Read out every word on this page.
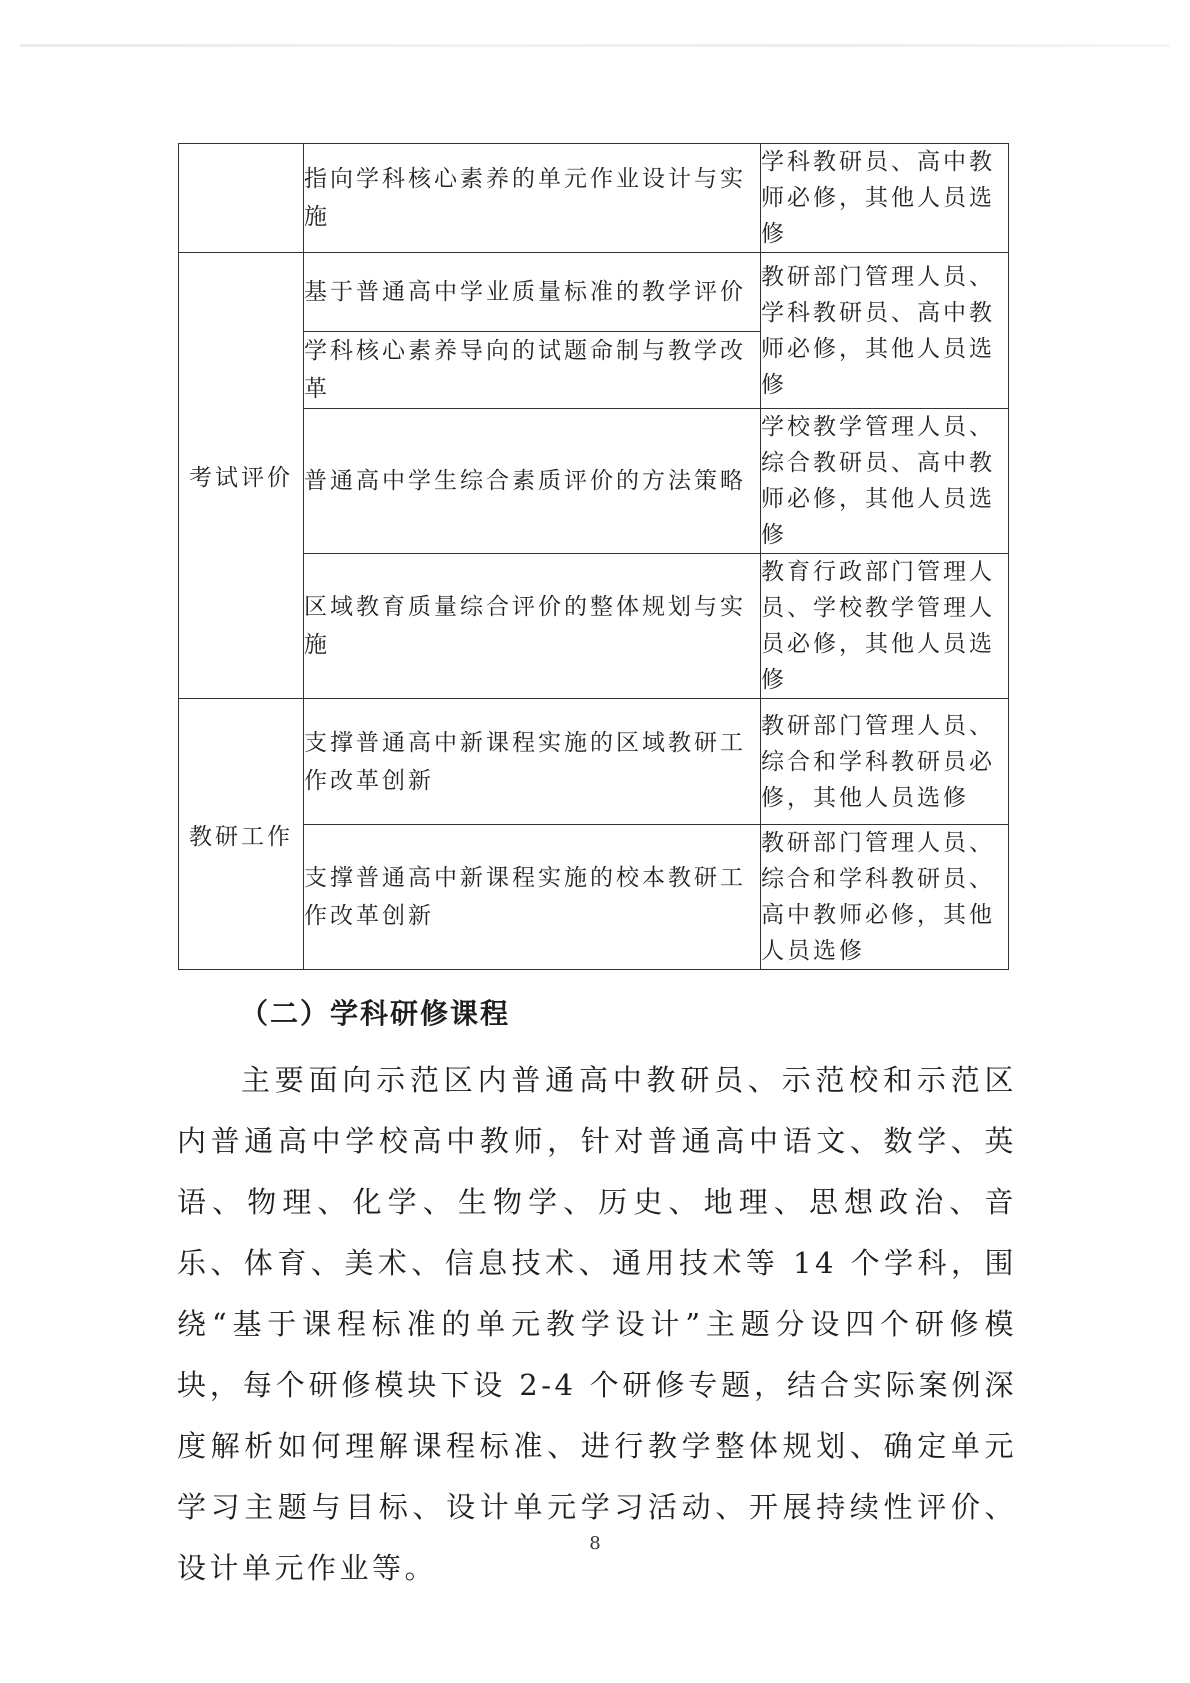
	指向学科核心素养的单元作业设计与实施	学科教研员、高中教师必修，其他人员选修
考试评价	基于普通高中学业质量标准的教学评价	教研部门管理人员、学科教研员、高中教师必修，其他人员选修
	学科核心素养导向的试题命制与教学改革	
	普通高中学生综合素质评价的方法策略	学校教学管理人员、综合教研员、高中教师必修，其他人员选修
	区域教育质量综合评价的整体规划与实施	教育行政部门管理人员、学校教学管理人员必修，其他人员选修
教研工作	支撑普通高中新课程实施的区域教研工作改革创新	教研部门管理人员、综合和学科教研员必修，其他人员选修
	支撑普通高中新课程实施的校本教研工作改革创新	教研部门管理人员、综合和学科教研员、高中教师必修，其他人员选修
（二）学科研修课程
主要面向示范区内普通高中教研员、示范校和示范区内普通高中学校高中教师，针对普通高中语文、数学、英语、物理、化学、生物学、历史、地理、思想政治、音乐、体育、美术、信息技术、通用技术等 14 个学科，围绕“基于课程标准的单元教学设计”主题分设四个研修模块，每个研修模块下设 2-4 个研修专题，结合实际案例深度解析如何理解课程标准、进行教学整体规划、确定单元学习主题与目标、设计单元学习活动、开展持续性评价、设计单元作业等。
8
